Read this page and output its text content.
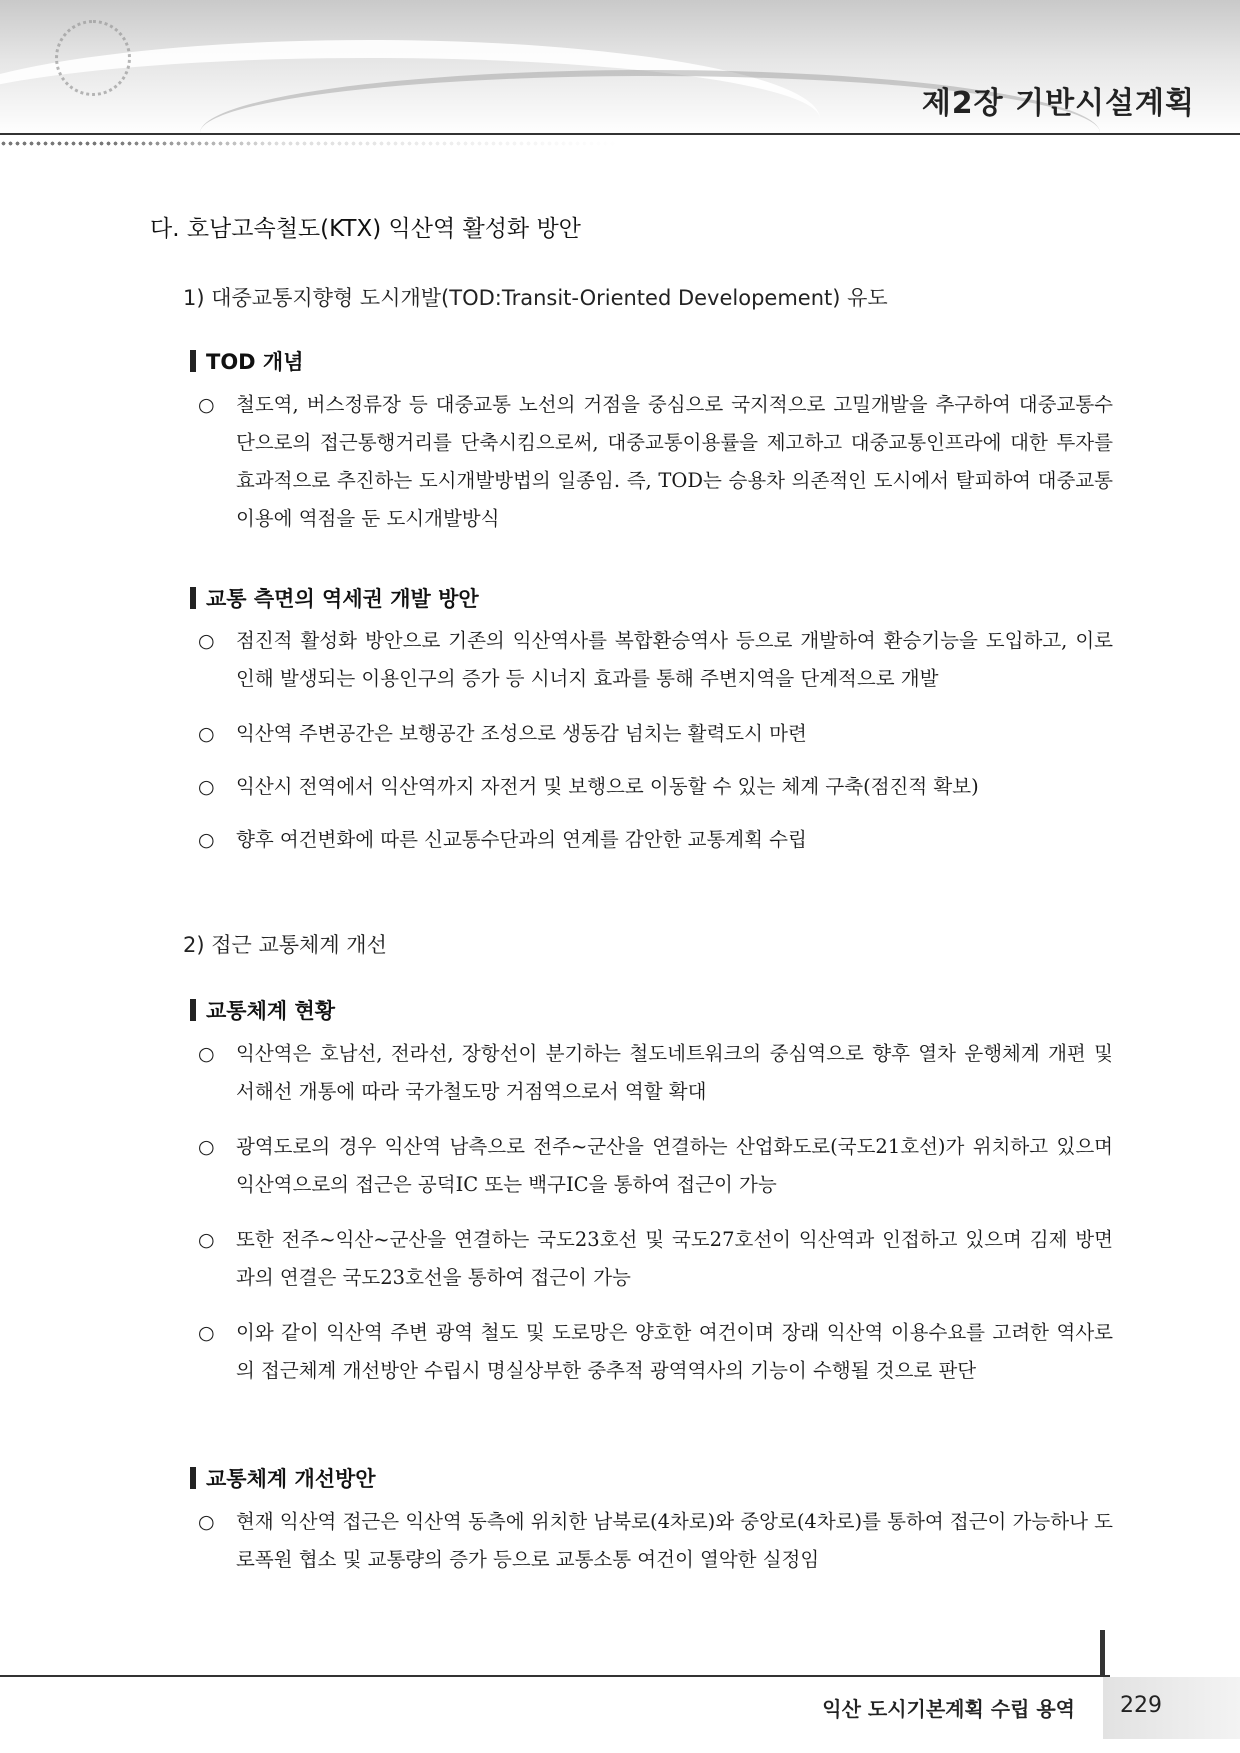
제2장 기반시설계획
다. 호남고속철도(KTX) 익산역 활성화 방안
1) 대중교통지향형 도시개발(TOD:Transit-Oriented Developement) 유도
TOD 개념
○	철도역, 버스정류장 등 대중교통 노선의 거점을 중심으로 국지적으로 고밀개발을 추구하여 대중교통수단으로의 접근통행거리를 단축시킴으로써, 대중교통이용률을 제고하고 대중교통인프라에 대한 투자를 효과적으로 추진하는 도시개발방법의 일종임. 즉, TOD는 승용차 의존적인 도시에서 탈피하여 대중교통이용에 역점을 둔 도시개발방식
교통 측면의 역세권 개발 방안
○	점진적 활성화 방안으로 기존의 익산역사를 복합환승역사 등으로 개발하여 환승기능을 도입하고, 이로 인해 발생되는 이용인구의 증가 등 시너지 효과를 통해 주변지역을 단계적으로 개발
○	익산역 주변공간은 보행공간 조성으로 생동감 넘치는 활력도시 마련
○	익산시 전역에서 익산역까지 자전거 및 보행으로 이동할 수 있는 체계 구축(점진적 확보)
○	향후 여건변화에 따른 신교통수단과의 연계를 감안한 교통계획 수립
2) 접근 교통체계 개선
교통체계 현황
○	익산역은 호남선, 전라선, 장항선이 분기하는 철도네트워크의 중심역으로 향후 열차 운행체계 개편 및 서해선 개통에 따라 국가철도망 거점역으로서 역할 확대
○	광역도로의 경우 익산역 남측으로 전주~군산을 연결하는 산업화도로(국도21호선)가 위치하고 있으며 익산역으로의 접근은 공덕IC 또는 백구IC을 통하여 접근이 가능
○	또한 전주~익산~군산을 연결하는 국도23호선 및 국도27호선이 익산역과 인접하고 있으며 김제 방면과의 연결은 국도23호선을 통하여 접근이 가능
○	이와 같이 익산역 주변 광역 철도 및 도로망은 양호한 여건이며 장래 익산역 이용수요를 고려한 역사로의 접근체계 개선방안 수립시 명실상부한 중추적 광역역사의 기능이 수행될 것으로 판단
교통체계 개선방안
○	현재 익산역 접근은 익산역 동측에 위치한 남북로(4차로)와 중앙로(4차로)를 통하여 접근이 가능하나 도로폭원 협소 및 교통량의 증가 등으로 교통소통 여건이 열악한 실정임
익산 도시기본계획 수립 용역 229
